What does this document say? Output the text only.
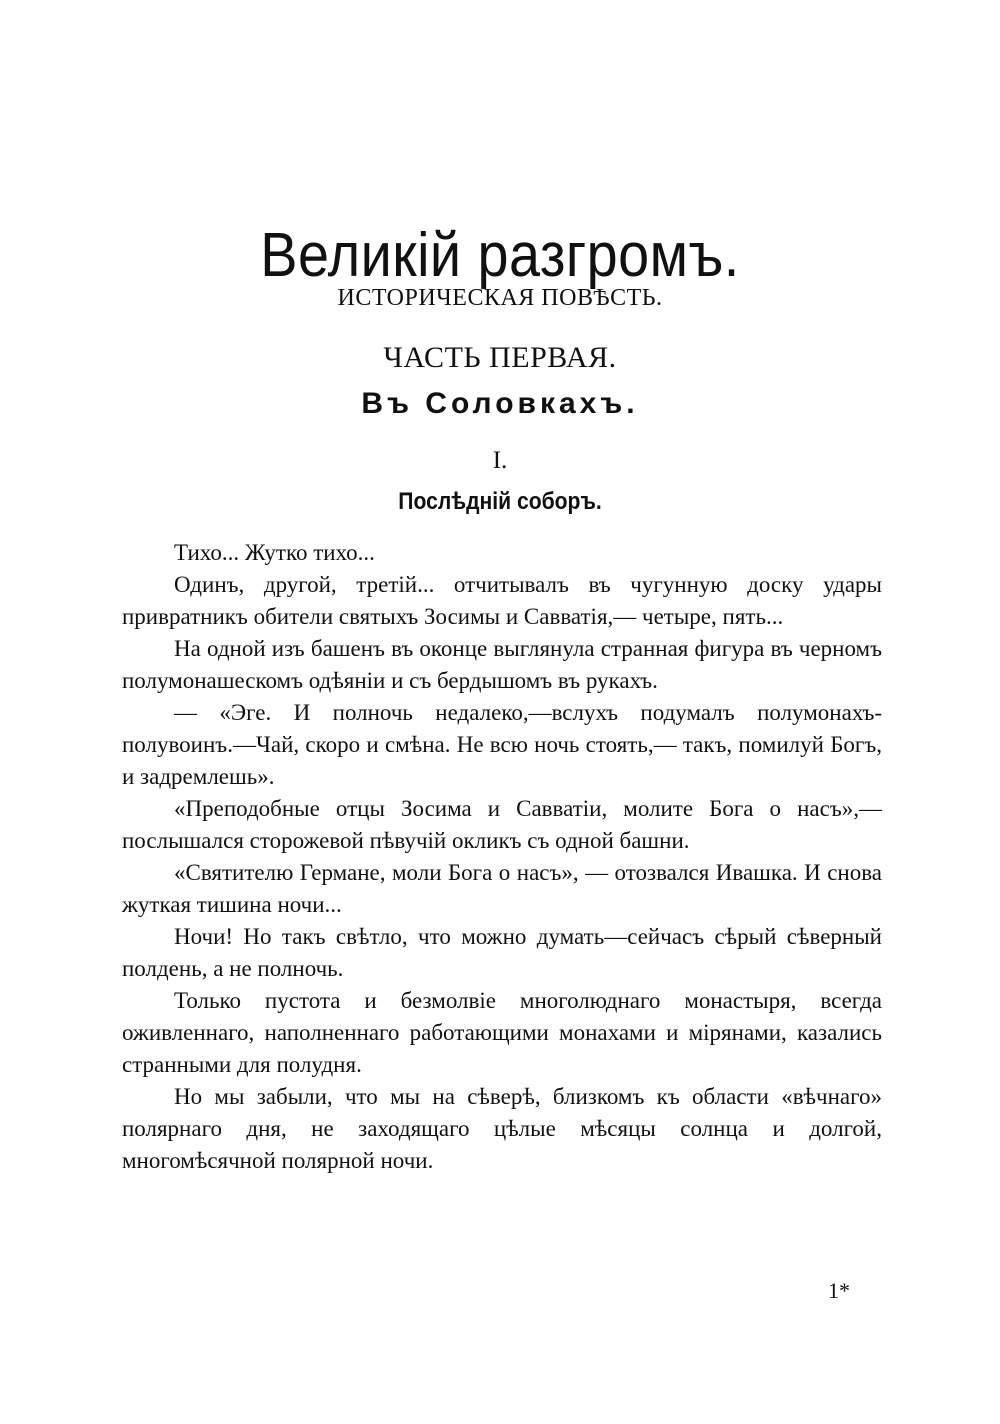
Великій разгромъ.
ИСТОРИЧЕСКАЯ ПОВѢСТЬ.
ЧАСТЬ ПЕРВАЯ.
Въ Соловкахъ.
I.
Послѣдній соборъ.

Тихо... Жутко тихо...

Одинъ, другой, третій... отчитывалъ въ чугунную доску удары привратникъ обители святыхъ Зосимы и Савватія,— четыре, пять...

На одной изъ башенъ въ оконце выглянула странная фигура въ черномъ полумонашескомъ одѣяніи и съ бердышомъ въ рукахъ.

— «Эге. И полночь недалеко,—вслухъ подумалъ полумонахъ-полувоинъ.—Чай, скоро и смѣна. Не всю ночь стоять,— такъ, помилуй Богъ, и задремлешь».

«Преподобные отцы Зосима и Савватіи, молите Бога о насъ»,—послышался сторожевой пѣвучій окликъ съ одной башни.

«Святителю Германе, моли Бога о насъ», — отозвался Ивашка. И снова жуткая тишина ночи...

Ночи! Но такъ свѣтло, что можно думать—сейчасъ сѣрый сѣверный полдень, а не полночь.

Только пустота и безмолвіе многолюднаго монастыря, всегда оживленнаго, наполненнаго работающими монахами и мірянами, казались странными для полудня.

Но мы забыли, что мы на сѣверѣ, близкомъ къ области «вѣчнаго» полярнаго дня, не заходящаго цѣлые мѣсяцы солнца и долгой, многомѣсячной полярной ночи.

1*
